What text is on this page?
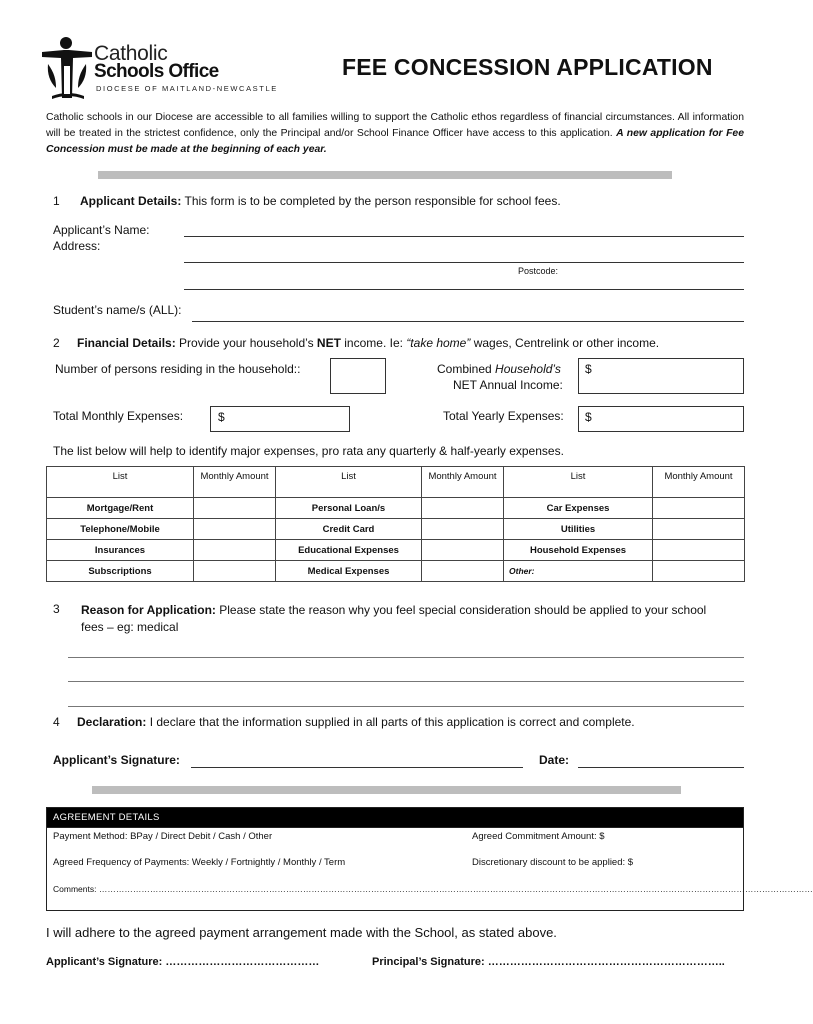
Catholic
Schools Office
DIOCESE OF MAITLAND-NEWCASTLE
FEE CONCESSION APPLICATION
Catholic schools in our Diocese are accessible to all families willing to support the Catholic ethos regardless of financial circumstances. All information will be treated in the strictest confidence, only the Principal and/or School Finance Officer have access to this application. A new application for Fee Concession must be made at the beginning of each year.
1 Applicant Details: This form is to be completed by the person responsible for school fees.
Applicant’s Name:
Address:
Postcode:
Student’s name/s (ALL):
2 Financial Details: Provide your household’s NET income. Ie: “take home” wages, Centrelink or other income.
Number of persons residing in the household::	Combined Household’s
NET Annual Income:
$
Total Monthly Expenses:	$	Total Yearly Expenses: $
The list below will help to identify major expenses, pro rata any quarterly & half-yearly expenses.
List	Monthly Amount	List	Monthly Amount	List	Monthly Amount
Mortgage/Rent		Personal Loan/s		Car Expenses	
Telephone/Mobile		Credit Card		Utilities	
Insurances		Educational Expenses		Household Expenses	
Subscriptions		Medical Expenses		Other:	
3 Reason for Application: Please state the reason why you feel special consideration should be applied to your school fees – eg: medical
4 Declaration: I declare that the information supplied in all parts of this application is correct and complete.
Applicant’s Signature:	Date:
AGREEMENT DETAILS
Payment Method: BPay / Direct Debit / Cash / Other	Agreed Commitment Amount: $
Agreed Frequency of Payments: Weekly / Fortnightly / Monthly / Term	Discretionary discount to be applied: $
Comments: ………………………………………………………………………………………………………………………………………………………………………………………………………………………………
I will adhere to the agreed payment arrangement made with the School, as stated above.
Applicant’s Signature: ……………………………………	Principal’s Signature: ………………………………………………………..
